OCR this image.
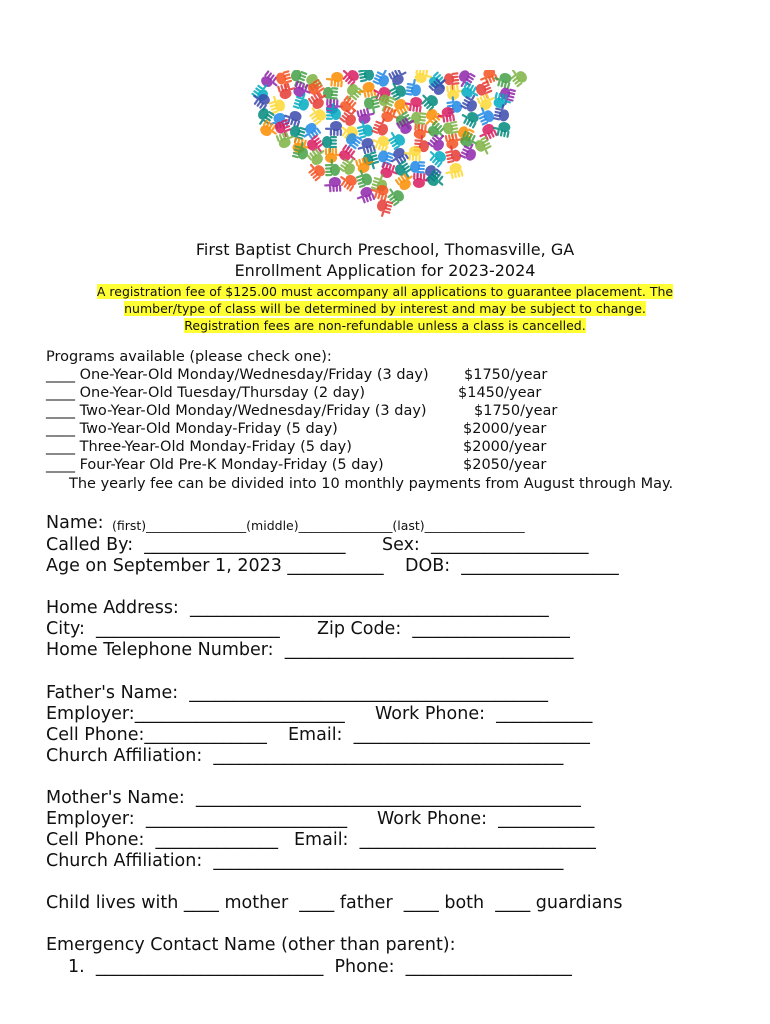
First Baptist Church Preschool, Thomasville, GA
Enrollment Application for 2023-2024
A registration fee of $125.00 must accompany all applications to guarantee placement. The
number/type of class will be determined by interest and may be subject to change.
Registration fees are non-refundable unless a class is cancelled.
Programs available (please check one):
____ One-Year-Old Monday/Wednesday/Friday (3 day) $1750/year
____ One-Year-Old Tuesday/Thursday (2 day)	$1450/year
____ Two-Year-Old Monday/Wednesday/Friday (3 day)	$1750/year
____ Two-Year-Old Monday-Friday (5 day)	$2000/year
____ Three-Year-Old Monday-Friday (5 day)	$2000/year
____ Four-Year Old Pre-K Monday-Friday (5 day)	$2050/year
The yearly fee can be divided into 10 monthly payments from August through May.
Name: (first)________________(middle)_______________(last)________________
Called By:  _______________________ Sex:  __________________
Age on September 1, 2023 ___________ DOB:  __________________
Home Address:  _________________________________________
City:  _____________________ Zip Code:  __________________
Home Telephone Number:  _________________________________
Father's Name:  _________________________________________
Employer:________________________ Work Phone:  ___________
Cell Phone:______________ Email:  ___________________________
Church Affiliation:  ________________________________________
Mother's Name:  ____________________________________________
Employer:  _______________________ Work Phone:  ___________
Cell Phone:  ______________ Email:  ___________________________
Church Affiliation:  ________________________________________
Child lives with ____ mother  ____ father  ____ both  ____ guardians
Emergency Contact Name (other than parent):
1.  __________________________  Phone:  ___________________
